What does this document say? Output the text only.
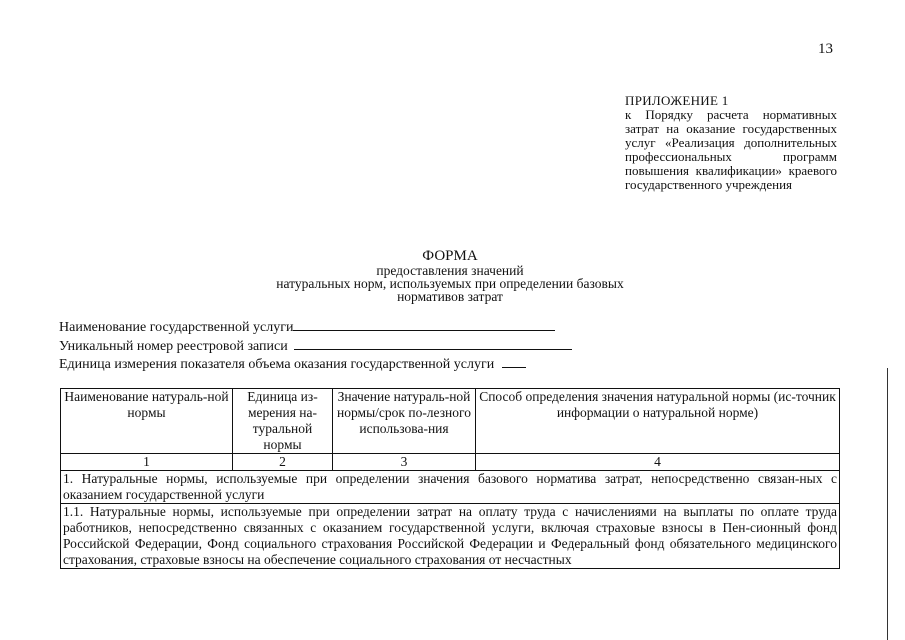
13
ПРИЛОЖЕНИЕ 1
к Порядку расчета нормативных затрат на оказание государственных услуг «Реализация дополнительных профессиональных программ повышения квалификации» краевого государственного учреждения
ФОРМА
предоставления значений
натуральных норм, используемых при определении базовых
нормативов затрат
Наименование государственной услуги
Уникальный номер реестровой записи
Единица измерения показателя объема оказания государственной услуги
Наименование натураль-ной нормы	Единица из-мерения на-туральной нормы	Значение натураль-ной нормы/срок по-лезного использова-ния	Способ определения значения натуральной нормы (ис-точник информации о натуральной норме)
1	2	3	4
1. Натуральные нормы, используемые при определении значения базового норматива затрат, непосредственно связан-ных с оказанием государственной услуги			
1.1. Натуральные нормы, используемые при определении затрат на оплату труда с начислениями на выплаты по оплате труда работников, непосредственно связанных с оказанием государственной услуги, включая страховые взносы в Пен-сионный фонд Российской Федерации, Фонд социального страхования Российской Федерации и Федеральный фонд обязательного медицинского страхования, страховые взносы на обеспечение социального страхования от несчастных			
